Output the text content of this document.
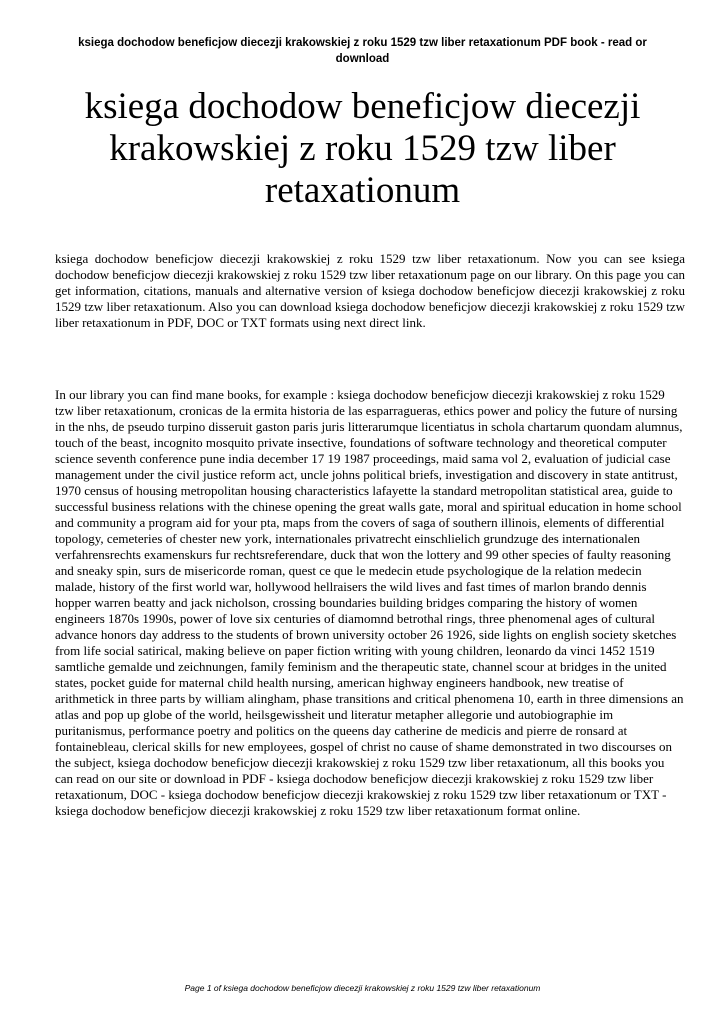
ksiega dochodow beneficjow diecezji krakowskiej z roku 1529 tzw liber retaxationum PDF book - read or download
ksiega dochodow beneficjow diecezji krakowskiej z roku 1529 tzw liber retaxationum

ksiega dochodow beneficjow diecezji krakowskiej z roku 1529 tzw liber retaxationum. Now you can see ksiega dochodow beneficjow diecezji krakowskiej z roku 1529 tzw liber retaxationum page on our library. On this page you can get information, citations, manuals and alternative version of ksiega dochodow beneficjow diecezji krakowskiej z roku 1529 tzw liber retaxationum. Also you can download ksiega dochodow beneficjow diecezji krakowskiej z roku 1529 tzw liber retaxationum in PDF, DOC or TXT formats using next direct link.

In our library you can find mane books, for example : ksiega dochodow beneficjow diecezji krakowskiej z roku 1529 tzw liber retaxationum, cronicas de la ermita historia de las esparragueras, ethics power and policy the future of nursing in the nhs, de pseudo turpino disseruit gaston paris juris litterarumque licentiatus in schola chartarum quondam alumnus, touch of the beast, incognito mosquito private insective, foundations of software technology and theoretical computer science seventh conference pune india december 17 19 1987 proceedings, maid sama vol 2, evaluation of judicial case management under the civil justice reform act, uncle johns political briefs, investigation and discovery in state antitrust, 1970 census of housing metropolitan housing characteristics lafayette la standard metropolitan statistical area, guide to successful business relations with the chinese opening the great walls gate, moral and spiritual education in home school and community a program aid for your pta, maps from the covers of saga of southern illinois, elements of differential topology, cemeteries of chester new york, internationales privatrecht einschlielich grundzuge des internationalen verfahrensrechts examenskurs fur rechtsreferendare, duck that won the lottery and 99 other species of faulty reasoning and sneaky spin, surs de misericorde roman, quest ce que le medecin etude psychologique de la relation medecin malade, history of the first world war, hollywood hellraisers the wild lives and fast times of marlon brando dennis hopper warren beatty and jack nicholson, crossing boundaries building bridges comparing the history of women engineers 1870s 1990s, power of love six centuries of diamomnd betrothal rings, three phenomenal ages of cultural advance honors day address to the students of brown university october 26 1926, side lights on english society sketches from life social satirical, making believe on paper fiction writing with young children, leonardo da vinci 1452 1519 samtliche gemalde und zeichnungen, family feminism and the therapeutic state, channel scour at bridges in the united states, pocket guide for maternal child health nursing, american highway engineers handbook, new treatise of arithmetick in three parts by william alingham, phase transitions and critical phenomena 10, earth in three dimensions an atlas and pop up globe of the world, heilsgewissheit und literatur metapher allegorie und autobiographie im puritanismus, performance poetry and politics on the queens day catherine de medicis and pierre de ronsard at fontainebleau, clerical skills for new employees, gospel of christ no cause of shame demonstrated in two discourses on the subject, ksiega dochodow beneficjow diecezji krakowskiej z roku 1529 tzw liber retaxationum, all this books you can read on our site or download in PDF - ksiega dochodow beneficjow diecezji krakowskiej z roku 1529 tzw liber retaxationum, DOC - ksiega dochodow beneficjow diecezji krakowskiej z roku 1529 tzw liber retaxationum or TXT - ksiega dochodow beneficjow diecezji krakowskiej z roku 1529 tzw liber retaxationum format online.

Page 1 of ksiega dochodow beneficjow diecezji krakowskiej z roku 1529 tzw liber retaxationum
